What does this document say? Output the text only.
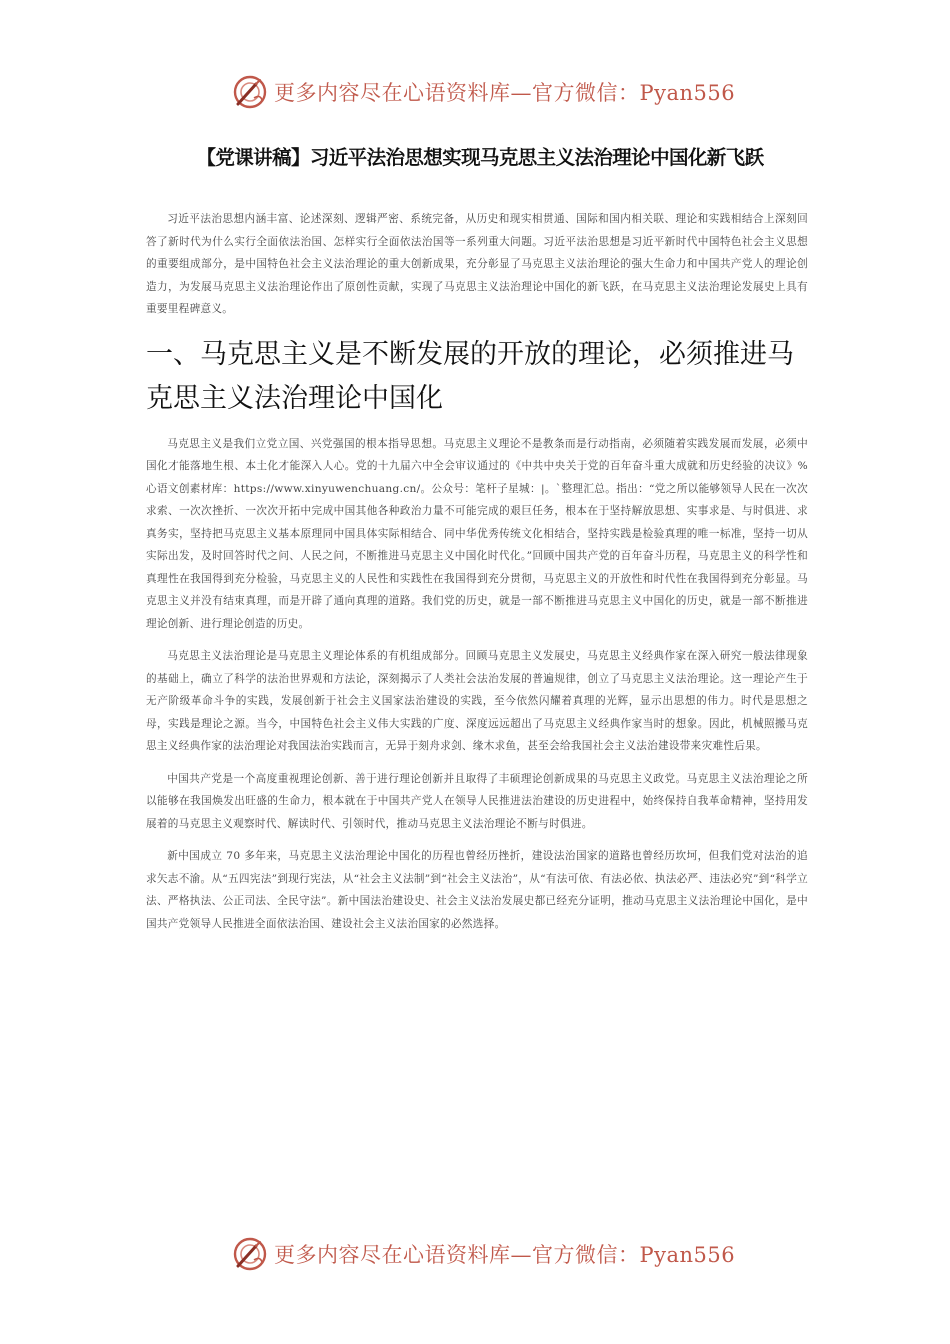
更多内容尽在心语资料库—官方微信：Pyan556
【党课讲稿】习近平法治思想实现马克思主义法治理论中国化新飞跃

习近平法治思想内涵丰富、论述深刻、逻辑严密、系统完备，从历史和现实相贯通、国际和国内相关联、理论和实践相结合上深刻回答了新时代为什么实行全面依法治国、怎样实行全面依法治国等一系列重大问题。习近平法治思想是习近平新时代中国特色社会主义思想的重要组成部分，是中国特色社会主义法治理论的重大创新成果，充分彰显了马克思主义法治理论的强大生命力和中国共产党人的理论创造力，为发展马克思主义法治理论作出了原创性贡献，实现了马克思主义法治理论中国化的新飞跃，在马克思主义法治理论发展史上具有重要里程碑意义。

一、马克思主义是不断发展的开放的理论，必须推进马克思主义法治理论中国化

马克思主义是我们立党立国、兴党强国的根本指导思想。马克思主义理论不是教条而是行动指南，必须随着实践发展而发展，必须中国化才能落地生根、本土化才能深入人心。党的十九届六中全会审议通过的《中共中央关于党的百年奋斗重大成就和历史经验的决议》%心语文创素材库：https://www.xinyuwenchuang.cn/。公众号：笔杆子星城：|。`整理汇总。指出：“党之所以能够领导人民在一次次求索、一次次挫折、一次次开拓中完成中国其他各种政治力量不可能完成的艰巨任务，根本在于坚持解放思想、实事求是、与时俱进、求真务实，坚持把马克思主义基本原理同中国具体实际相结合、同中华优秀传统文化相结合，坚持实践是检验真理的唯一标准，坚持一切从实际出发，及时回答时代之问、人民之问，不断推进马克思主义中国化时代化。”回顾中国共产党的百年奋斗历程，马克思主义的科学性和真理性在我国得到充分检验，马克思主义的人民性和实践性在我国得到充分贯彻，马克思主义的开放性和时代性在我国得到充分彰显。马克思主义并没有结束真理，而是开辟了通向真理的道路。我们党的历史，就是一部不断推进马克思主义中国化的历史，就是一部不断推进理论创新、进行理论创造的历史。

马克思主义法治理论是马克思主义理论体系的有机组成部分。回顾马克思主义发展史，马克思主义经典作家在深入研究一般法律现象的基础上，确立了科学的法治世界观和方法论，深刻揭示了人类社会法治发展的普遍规律，创立了马克思主义法治理论。这一理论产生于无产阶级革命斗争的实践，发展创新于社会主义国家法治建设的实践，至今依然闪耀着真理的光辉，显示出思想的伟力。时代是思想之母，实践是理论之源。当今，中国特色社会主义伟大实践的广度、深度远远超出了马克思主义经典作家当时的想象。因此，机械照搬马克思主义经典作家的法治理论对我国法治实践而言，无异于刻舟求剑、缘木求鱼，甚至会给我国社会主义法治建设带来灾难性后果。

中国共产党是一个高度重视理论创新、善于进行理论创新并且取得了丰硕理论创新成果的马克思主义政党。马克思主义法治理论之所以能够在我国焕发出旺盛的生命力，根本就在于中国共产党人在领导人民推进法治建设的历史进程中，始终保持自我革命精神，坚持用发展着的马克思主义观察时代、解读时代、引领时代，推动马克思主义法治理论不断与时俱进。

新中国成立 70 多年来，马克思主义法治理论中国化的历程也曾经历挫折，建设法治国家的道路也曾经历坎坷，但我们党对法治的追求矢志不渝。从“五四宪法”到现行宪法，从“社会主义法制”到“社会主义法治”，从“有法可依、有法必依、执法必严、违法必究”到“科学立法、严格执法、公正司法、全民守法”。新中国法治建设史、社会主义法治发展史都已经充分证明，推动马克思主义法治理论中国化，是中国共产党领导人民推进全面依法治国、建设社会主义法治国家的必然选择。

更多内容尽在心语资料库—官方微信：Pyan556
